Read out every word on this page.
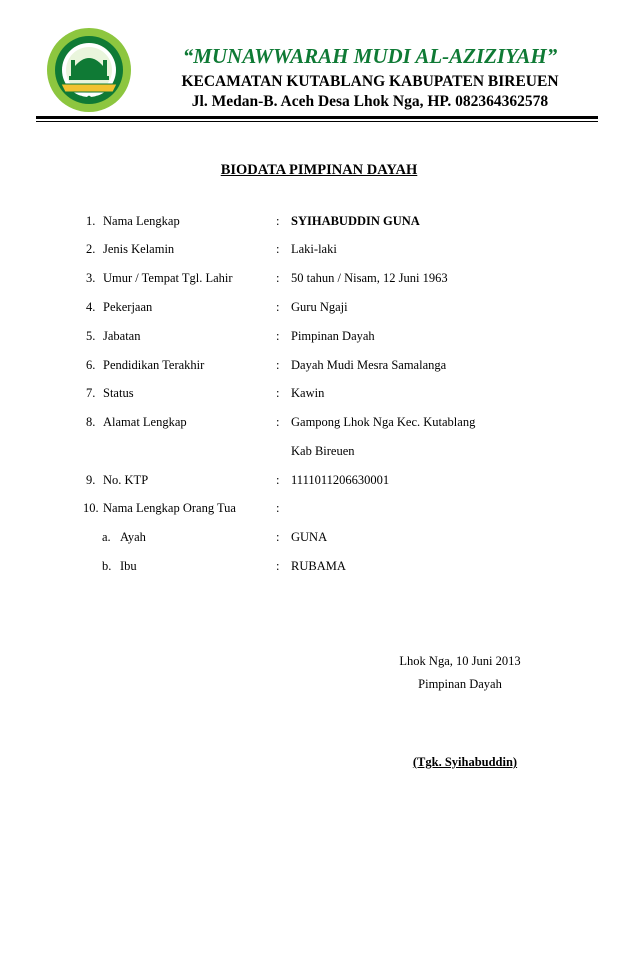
“MUNAWWARAH MUDI AL-AZIZIYAH”

KECAMATAN KUTABLANG KABUPATEN BIREUEN

Jl. Medan-B. Aceh Desa Lhok Nga, HP. 082364362578

BIODATA PIMPINAN DAYAH

1. Nama Lengkap	: SYIHABUDDIN GUNA
2. Jenis Kelamin	: Laki-laki
3. Umur / Tempat Tgl. Lahir	: 50 tahun / Nisam, 12 Juni 1963
4. Pekerjaan	: Guru Ngaji
5. Jabatan	: Pimpinan Dayah
6. Pendidikan Terakhir	: Dayah Mudi Mesra Samalanga
7. Status	: Kawin
8. Alamat Lengkap	: Gampong Lhok Nga Kec. Kutablang
Kab Bireuen
9. No. KTP	: 1111011206630001
10. Nama Lengkap Orang Tua	:
a. Ayah	: GUNA
b. Ibu	: RUBAMA
Lhok Nga, 10 Juni 2013
Pimpinan Dayah
(Tgk. Syihabuddin)
